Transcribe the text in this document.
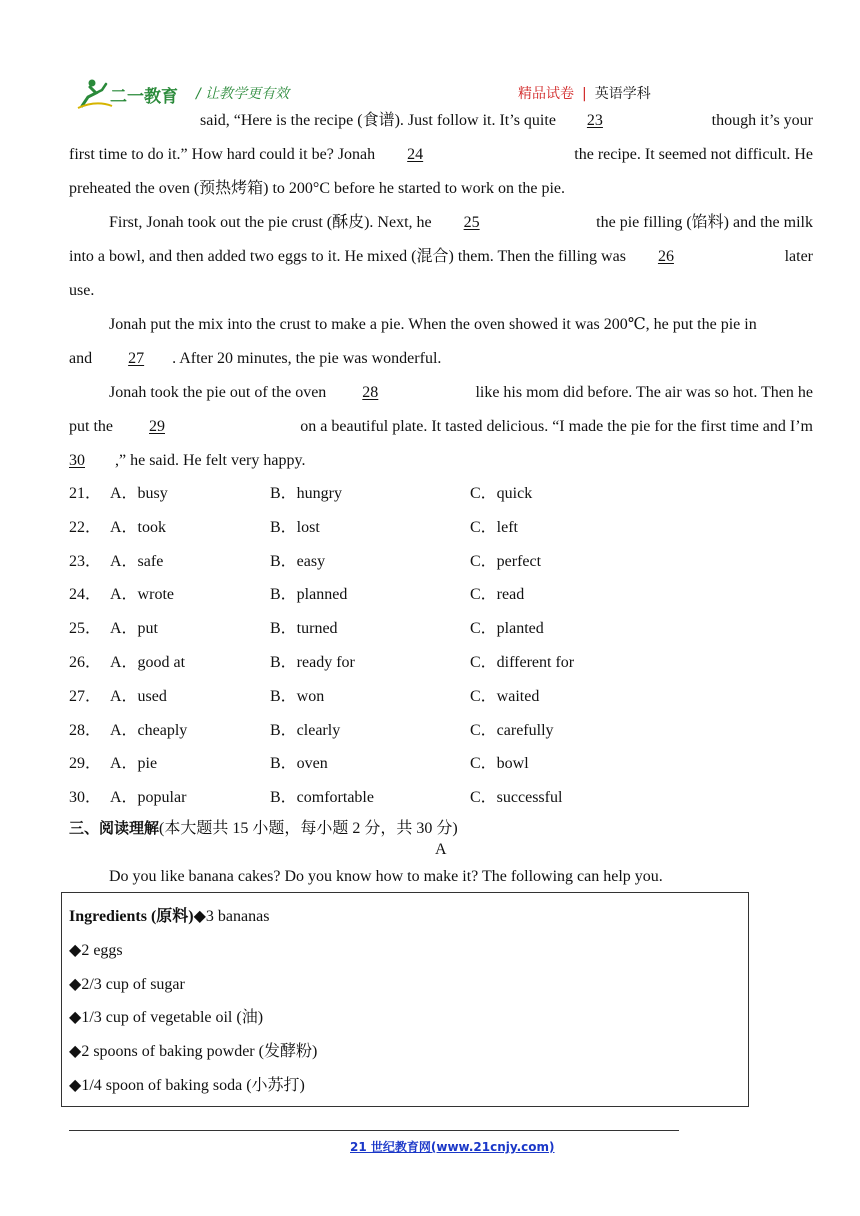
二一教育 / 让教学更有效	精品试卷 | 英语学科
said, “Here is the recipe (食谱). Just follow it. It’s quite 23	though it’s your
first time to do it.” How hard could it be? Jonah 24	the recipe. It seemed not difficult. He
preheated the oven (预热烤箱) to 200°C before he started to work on the pie.
First, Jonah took out the pie crust (酥皮). Next, he 25	the pie filling (馅料) and the milk
into a bowl, and then added two eggs to it. He mixed (混合) them. Then the filling was 26	later
use.
Jonah put the mix into the crust to make a pie. When the oven showed it was 200℃, he put the pie in
and 27 . After 20 minutes, the pie was wonderful.
Jonah took the pie out of the oven 28	like his mom did before. The air was so hot. Then he
put the 29	on a beautiful plate. It tasted delicious. “I made the pie for the first time and I’m
30 ,” he said. He felt very happy.
21． A．busy	B．hungry	C．quick
22． A．took	B．lost	C．left
23． A．safe	B．easy	C．perfect
24． A．wrote	B．planned	C．read
25． A．put	B．turned	C．planted
26． A．good at	B．ready for	C．different for
27． A．used	B．won	C．waited
28． A．cheaply	B．clearly	C．carefully
29． A．pie	B．oven	C．bowl
30． A．popular	B．comfortable	C．successful
三、阅读理解(本大题共 15 小题，每小题 2 分，共 30 分)
A
Do you like banana cakes? Do you know how to make it? The following can help you.
Ingredients (原料)◆3 bananas
◆2 eggs
◆2/3 cup of sugar
◆1/3 cup of vegetable oil (油)
◆2 spoons of baking powder (发酵粉)
◆1/4 spoon of baking soda (小苏打)
21 世纪教育网(www.21cnjy.com)
